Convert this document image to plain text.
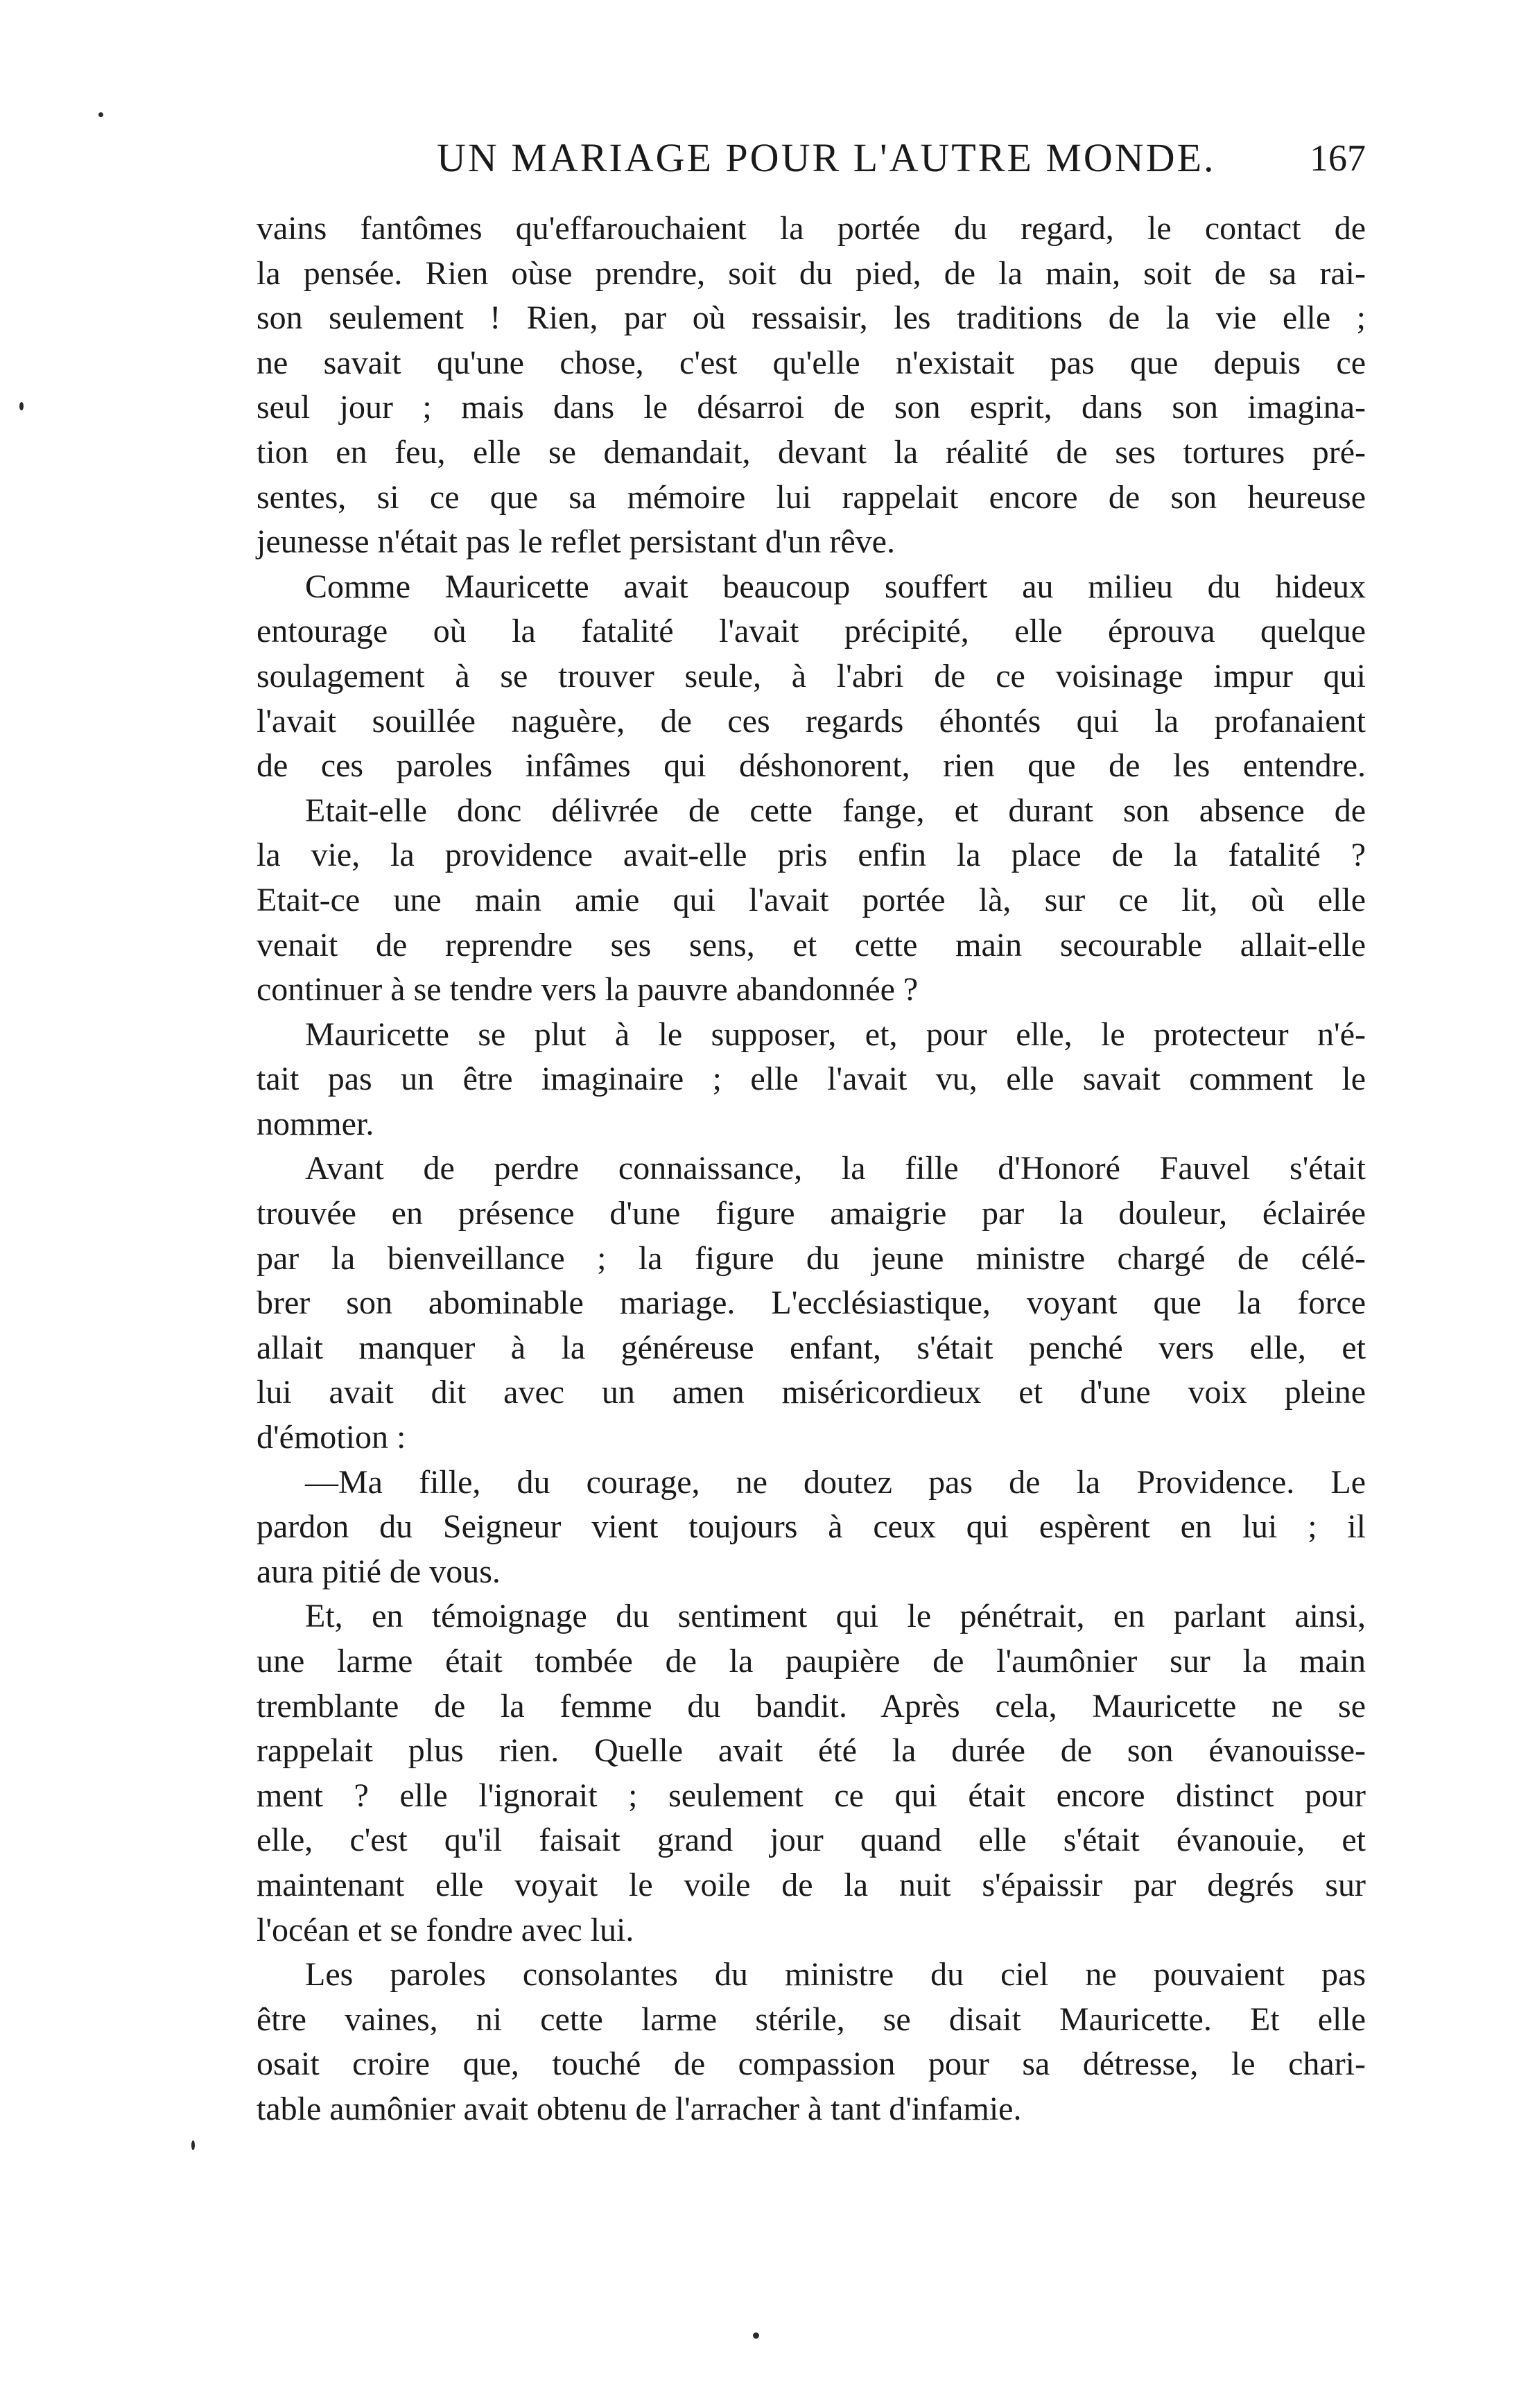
UN MARIAGE POUR L'AUTRE MONDE.	167
vains fantômes qu'effarouchaient la portée du regard, le contact de
la pensée. Rien oùse prendre, soit du pied, de la main, soit de sa rai-
son seulement ! Rien, par où ressaisir, les traditions de la vie elle ;
ne savait qu'une chose, c'est qu'elle n'existait pas que depuis ce
seul jour ; mais dans le désarroi de son esprit, dans son imagina-
tion en feu, elle se demandait, devant la réalité de ses tortures pré-
sentes, si ce que sa mémoire lui rappelait encore de son heureuse
jeunesse n'était pas le reflet persistant d'un rêve.
Comme Mauricette avait beaucoup souffert au milieu du hideux
entourage où la fatalité l'avait précipité, elle éprouva quelque
soulagement à se trouver seule, à l'abri de ce voisinage impur qui
l'avait souillée naguère, de ces regards éhontés qui la profanaient
de ces paroles infâmes qui déshonorent, rien que de les entendre.
Etait-elle donc délivrée de cette fange, et durant son absence de
la vie, la providence avait-elle pris enfin la place de la fatalité ?
Etait-ce une main amie qui l'avait portée là, sur ce lit, où elle
venait de reprendre ses sens, et cette main secourable allait-elle
continuer à se tendre vers la pauvre abandonnée ?
Mauricette se plut à le supposer, et, pour elle, le protecteur n'é-
tait pas un être imaginaire ; elle l'avait vu, elle savait comment le
nommer.
Avant de perdre connaissance, la fille d'Honoré Fauvel s'était
trouvée en présence d'une figure amaigrie par la douleur, éclairée
par la bienveillance ; la figure du jeune ministre chargé de célé-
brer son abominable mariage. L'ecclésiastique, voyant que la force
allait manquer à la généreuse enfant, s'était penché vers elle, et
lui avait dit avec un amen miséricordieux et d'une voix pleine
d'émotion :
—Ma fille, du courage, ne doutez pas de la Providence. Le
pardon du Seigneur vient toujours à ceux qui espèrent en lui ; il
aura pitié de vous.
Et, en témoignage du sentiment qui le pénétrait, en parlant ainsi,
une larme était tombée de la paupière de l'aumônier sur la main
tremblante de la femme du bandit. Après cela, Mauricette ne se
rappelait plus rien. Quelle avait été la durée de son évanouisse-
ment ? elle l'ignorait ; seulement ce qui était encore distinct pour
elle, c'est qu'il faisait grand jour quand elle s'était évanouie, et
maintenant elle voyait le voile de la nuit s'épaissir par degrés sur
l'océan et se fondre avec lui.
Les paroles consolantes du ministre du ciel ne pouvaient pas
être vaines, ni cette larme stérile, se disait Mauricette. Et elle
osait croire que, touché de compassion pour sa détresse, le chari-
table aumônier avait obtenu de l'arracher à tant d'infamie.
